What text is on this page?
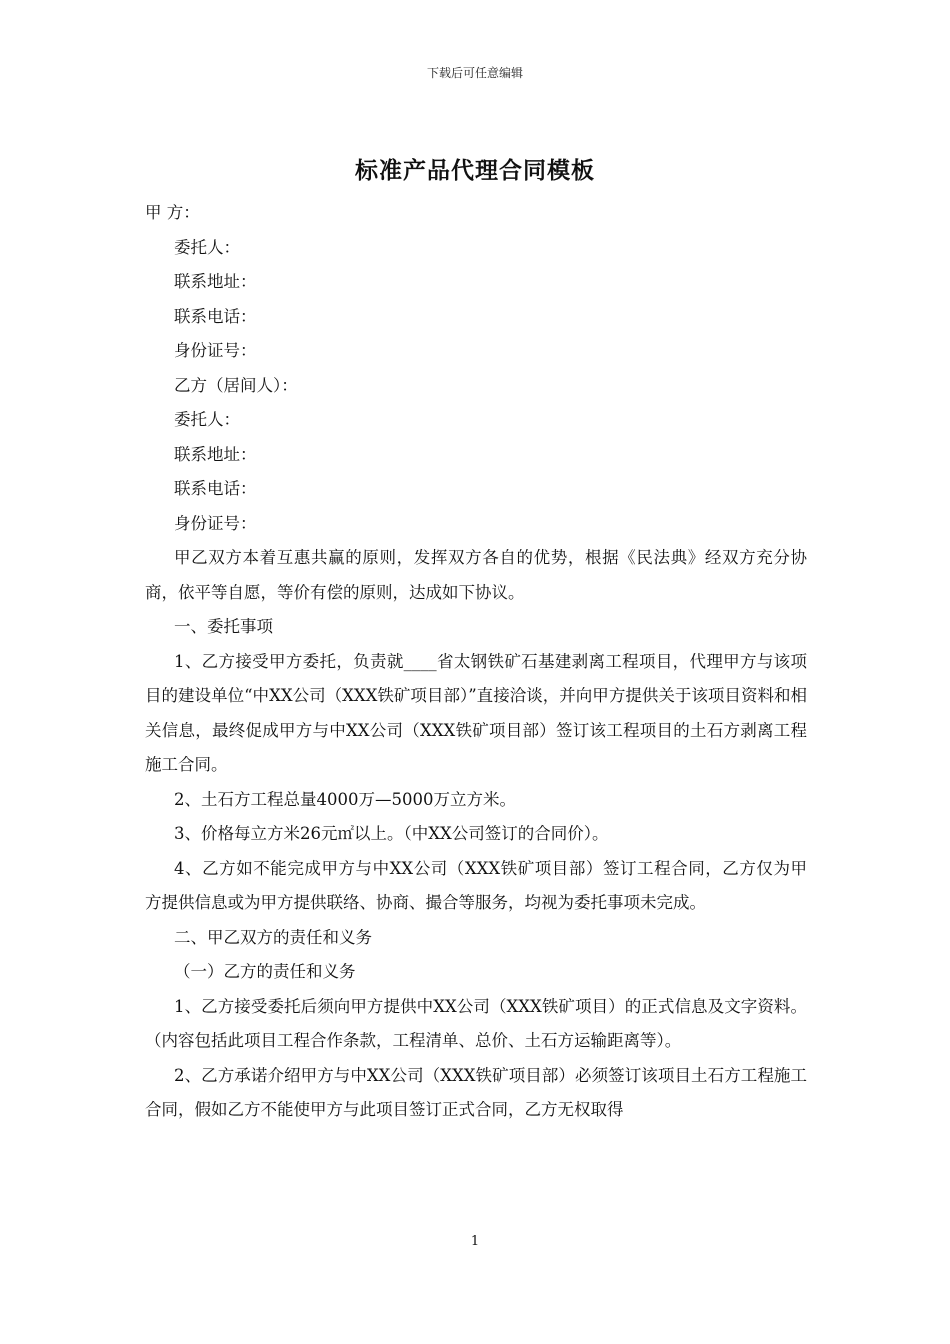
下载后可任意编辑
标准产品代理合同模板
甲 方：
委托人：
联系地址：
联系电话：
身份证号：
乙方（居间人）：
委托人：
联系地址：
联系电话：
身份证号：
甲乙双方本着互惠共赢的原则，发挥双方各自的优势，根据《民法典》经双方充分协商，依平等自愿，等价有偿的原则，达成如下协议。
一、委托事项
1、乙方接受甲方委托，负责就____省太钢铁矿石基建剥离工程项目，代理甲方与该项目的建设单位“中XX公司（XXX铁矿项目部）”直接洽谈，并向甲方提供关于该项目资料和相关信息，最终促成甲方与中XX公司（XXX铁矿项目部）签订该工程项目的土石方剥离工程施工合同。
2、土石方工程总量4000万—5000万立方米。
3、价格每立方米26元㎡以上。（中XX公司签订的合同价）。
4、乙方如不能完成甲方与中XX公司（XXX铁矿项目部）签订工程合同，乙方仅为甲 方提供信息或为甲方提供联络、协商、撮合等服务，均视为委托事项未完成。
二、甲乙双方的责任和义务
（一）乙方的责任和义务
1、乙方接受委托后须向甲方提供中XX公司（XXX铁矿项目）的正式信息及文字资料。（内容包括此项目工程合作条款，工程清单、总价、土石方运输距离等）。
2、乙方承诺介绍甲方与中XX公司（XXX铁矿项目部）必须签订该项目土石方工程施工合同，假如乙方不能使甲方与此项目签订正式合同，乙方无权取得
1
